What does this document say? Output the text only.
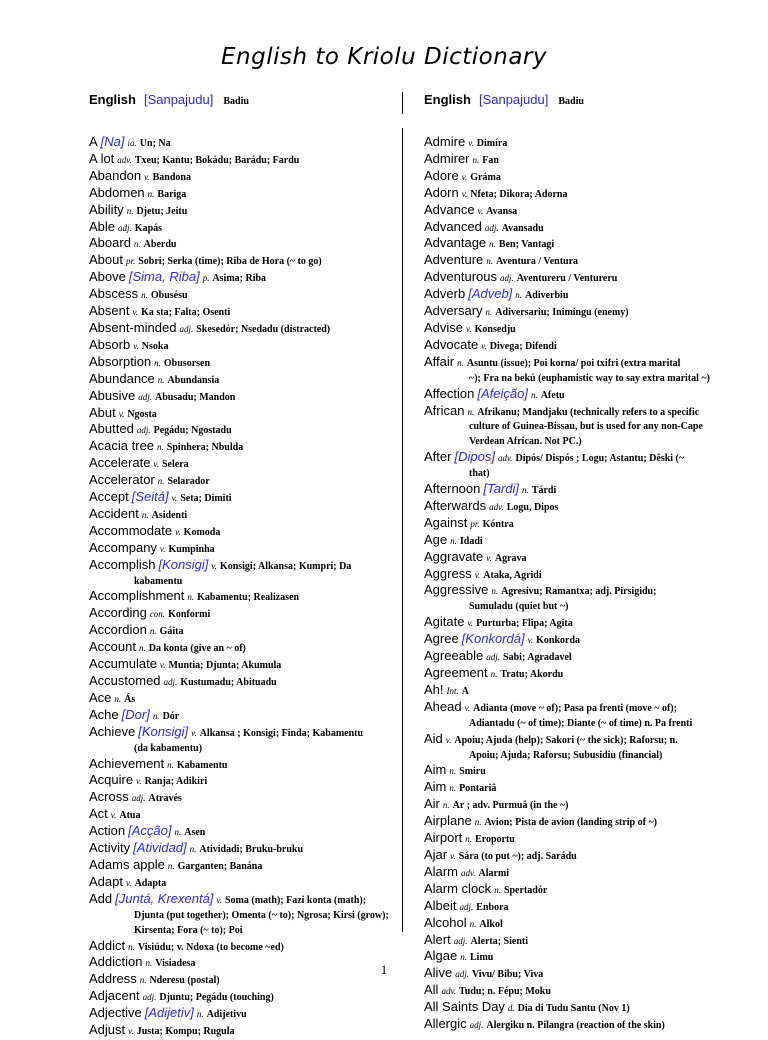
English to Kriolu Dictionary
English [Sanpajudu] Badiu
A [Na] ia. Un; Na
A lot adv. Txeu; Kantu; Bokádu; Barádu; Fardu
Abandon v. Bandona
Abdomen n. Bariga
Ability n. Djetu; Jeitu
Able adj. Kapás
Aboard n. Aberdu
About pr. Sobri; Serka (time); Riba de Hora (~ to go)
Above [Sima, Riba] p. Asima; Riba
Abscess n. Obusésu
Absent v. Ka sta; Falta; Osenti
Absent-minded adj. Skesedór; Nsedadu (distracted)
Absorb v. Nsoka
Absorption n. Obusorsen
Abundance n. Abundansia
Abusive adj. Abusadu; Mandon
Abut v. Ngosta
Abutted adj. Pegádu; Ngostadu
Acacia tree n. Spinhera; Nbulda
Accelerate v. Selera
Accelerator n. Selarador
Accept [Seitá] v. Seta; Dimiti
Accident n. Asidenti
Accommodate v. Komoda
Accompany v. Kumpinha
Accomplish [Konsigi] v. Konsigi; Alkansa; Kumpri; Da
kabamentu
Accomplishment n. Kabamentu; Realizasen
According con. Konformi
Accordion n. Gáita
Account n. Da konta (give an ~ of)
Accumulate v. Muntia; Djunta; Akumula
Accustomed adj. Kustumadu; Abituadu
Ace n. Ás
Ache [Dor] n. Dór
Achieve [Konsigi] v. Alkansa ; Konsigi; Finda; Kabamentu
(da kabamentu)
Achievement n. Kabamentu
Acquire v. Ranja; Adikiri
Across adj. Através
Act v. Atua
Action [Acção] n. Asen
Activity [Atividad] n. Atividadi; Bruku-bruku
Adams apple n. Garganten; Banána
Adapt v. Adapta
Add [Juntá, Krexentá] v. Soma (math); Fazi konta (math);
Djunta (put together); Omenta (~ to); Ngrosa; Kirsi (grow); Kirsenta; Fora (~ to); Poi
Addict n. Visiúdu; v. Ndoxa (to become ~ed)
Addiction n. Visiadesa
Address n. Nderesu (postal)
Adjacent adj. Djuntu; Pegádu (touching)
Adjective [Adijetiv] n. Adijetivu
Adjust v. Justa; Kompu; Rugula
English [Sanpajudu] Badiu
Admire v. Dimíra
Admirer n. Fan
Adore v. Gráma
Adorn v. Nfeta; Dikora; Adorna
Advance v. Avansa
Advanced adj. Avansadu
Advantage n. Ben; Vantagi
Adventure n. Aventura / Ventura
Adventurous adj. Aventureru / Ventureru
Adverb [Adveb] n. Adiverbiu
Adversary n. Adiversariu; Inimingu (enemy)
Advise v. Konsedju
Advocate v. Divega; Difendi
Affair n. Asuntu (issue); Poi korna/ poi txifri (extra marital
~); Fra na bekú (euphamistic way to say extra marital ~)
Affection [Afeição] n. Afetu
African n. Afrikanu; Mandjaku (technically refers to a specific
culture of Guinea-Bissau, but is used for any non-Cape Verdean African. Not PC.)
After [Dipos] adv. Dipós/ Dispós ; Logu; Astantu; Dêski (~
that)
Afternoon [Tardi] n. Tárdi
Afterwards adv. Logu, Dipos
Against pr. Kóntra
Age n. Idadi
Aggravate v. Agrava
Aggress v. Ataka, Agridi
Aggressive n. Agresivu; Ramantxa; adj. Pirsigidu;
Sumuladu (quiet but ~)
Agitate v. Purturba; Flipa; Agita
Agree [Konkordá] v. Konkorda
Agreeable adj. Sabi; Agradavel
Agreement n. Tratu; Akordu
Ah! Int. A
Ahead v. Adianta (move ~ of); Pasa pa frenti (move ~ of);
Adiantadu (~ of time); Diante (~ of time) n. Pa frenti
Aid v. Apoiu; Ajuda (help); Sakori (~ the sick); Raforsu; n.
Apoiu; Ajuda; Raforsu; Subusidiu (financial)
Aim n. Smiru
Aim n. Pontariâ
Air n. Ar ; adv. Purmuâ (in the ~)
Airplane n. Avion; Pista de avion (landing strip of ~)
Airport n. Eroportu
Ajar v. Sára (to put ~); adj. Sarádu
Alarm adv. Alarmi
Alarm clock n. Spertadór
Albeit adj. Enbora
Alcohol n. Alkol
Alert adj. Alerta; Sienti
Algae n. Limu
Alive adj. Vivu/ Bibu; Viva
All adv. Tudu; n. Fépu; Moku
All Saints Day d. Dia di Tudu Santu (Nov 1)
Allergic adj. Alergiku n. Pilangra (reaction of the skin)
1
